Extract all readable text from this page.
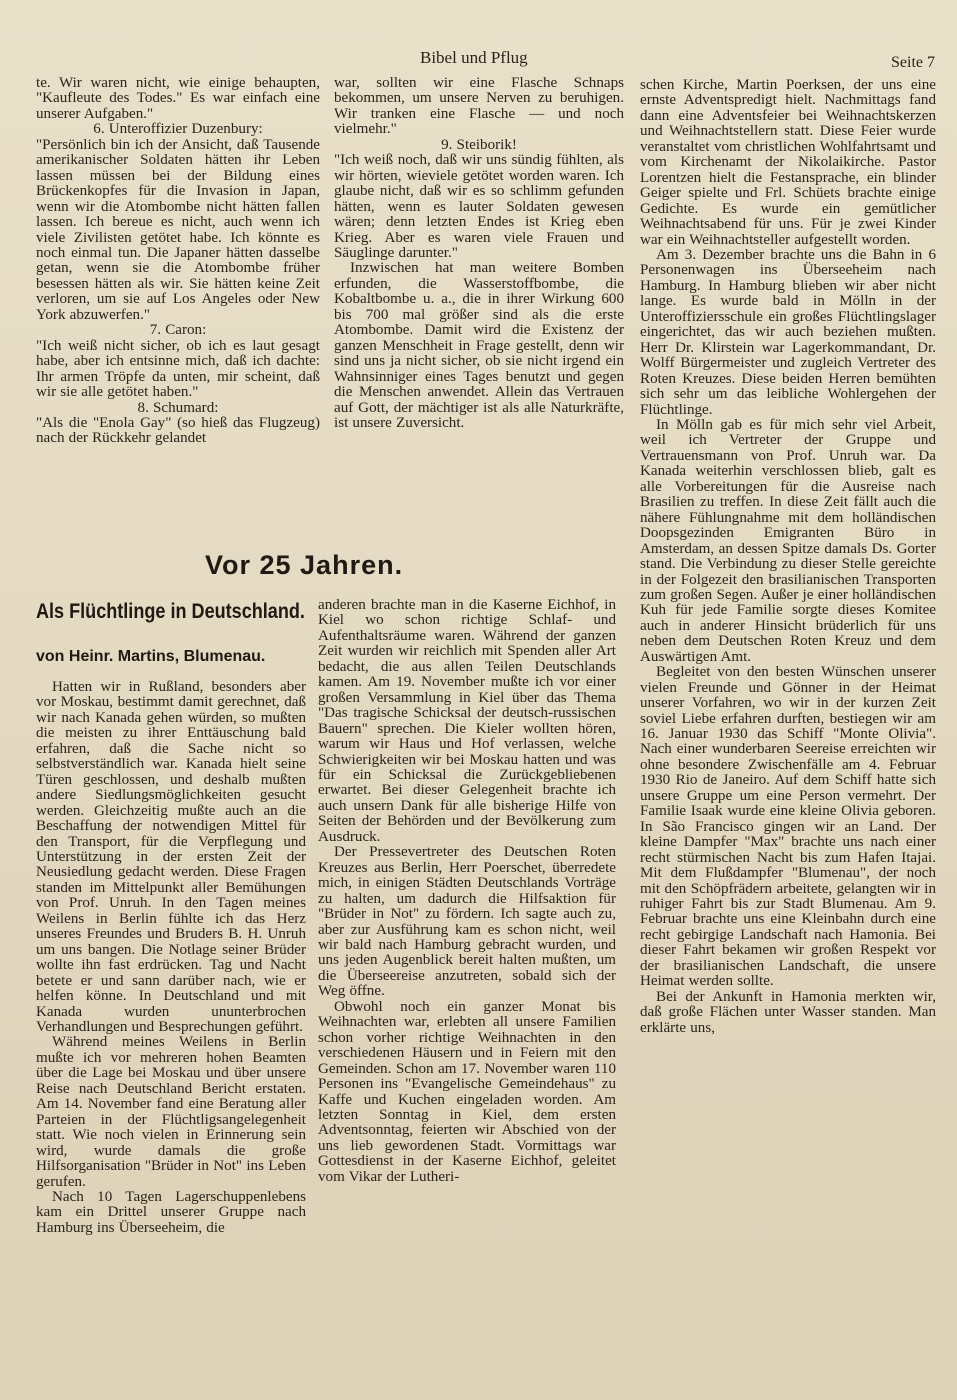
Bibel und Pflug	Seite 7

te. Wir waren nicht, wie einige behaupten, "Kaufleute des Todes." Es war einfach eine unserer Aufgaben."

6. Unteroffizier Duzenbury:

"Persönlich bin ich der Ansicht, daß Tausende amerikanischer Soldaten hätten ihr Leben lassen müssen bei der Bildung eines Brückenkopfes für die Invasion in Japan, wenn wir die Atombombe nicht hätten fallen lassen. Ich bereue es nicht, auch wenn ich viele Zivilisten getötet habe. Ich könnte es noch einmal tun. Die Japaner hätten dasselbe getan, wenn sie die Atombombe früher besessen hätten als wir. Sie hätten keine Zeit verloren, um sie auf Los Angeles oder New York abzuwerfen."

7. Caron:

"Ich weiß nicht sicher, ob ich es laut gesagt habe, aber ich entsinne mich, daß ich dachte: Ihr armen Tröpfe da unten, mir scheint, daß wir sie alle getötet haben."

8. Schumard:

"Als die "Enola Gay" (so hieß das Flugzeug) nach der Rückkehr gelandet

war, sollten wir eine Flasche Schnaps bekommen, um unsere Nerven zu beruhigen. Wir tranken eine Flasche — und noch vielmehr."

9. Steiborik!

"Ich weiß noch, daß wir uns sündig fühlten, als wir hörten, wieviele getötet worden waren. Ich glaube nicht, daß wir es so schlimm gefunden hätten, wenn es lauter Soldaten gewesen wären; denn letzten Endes ist Krieg eben Krieg. Aber es waren viele Frauen und Säuglinge darunter."

Inzwischen hat man weitere Bomben erfunden, die Wasserstoffbombe, die Kobaltbombe u. a., die in ihrer Wirkung 600 bis 700 mal größer sind als die erste Atombombe. Damit wird die Existenz der ganzen Menschheit in Frage gestellt, denn wir sind uns ja nicht sicher, ob sie nicht irgend ein Wahnsinniger eines Tages benutzt und gegen die Menschen anwendet. Allein das Vertrauen auf Gott, der mächtiger ist als alle Naturkräfte, ist unsere Zuversicht.

schen Kirche, Martin Poerksen, der uns eine ernste Adventspredigt hielt. Nachmittags fand dann eine Adventsfeier bei Weihnachtskerzen und Weihnachtstellern statt. Diese Feier wurde veranstaltet vom christlichen Wohlfahrtsamt und vom Kirchenamt der Nikolaikirche. Pastor Lorentzen hielt die Festansprache, ein blinder Geiger spielte und Frl. Schüets brachte einige Gedichte. Es wurde ein gemütlicher Weihnachtsabend für uns. Für je zwei Kinder war ein Weihnachtsteller aufgestellt worden.

Am 3. Dezember brachte uns die Bahn in 6 Personenwagen ins Überseeheim nach Hamburg. In Hamburg blieben wir aber nicht lange. Es wurde bald in Mölln in der Unteroffiziersschule ein großes Flüchtlingslager eingerichtet, das wir auch beziehen mußten. Herr Dr. Klirstein war Lagerkommandant, Dr. Wolff Bürgermeister und zugleich Vertreter des Roten Kreuzes. Diese beiden Herren bemühten sich sehr um das leibliche Wohlergehen der Flüchtlinge.

In Mölln gab es für mich sehr viel Arbeit, weil ich Vertreter der Gruppe und Vertrauensmann von Prof. Unruh war. Da Kanada weiterhin verschlossen blieb, galt es alle Vorbereitungen für die Ausreise nach Brasilien zu treffen. In diese Zeit fällt auch die nähere Fühlungnahme mit dem holländischen Doopsgezinden Emigranten Büro in Amsterdam, an dessen Spitze damals Ds. Gorter stand. Die Verbindung zu dieser Stelle gereichte in der Folgezeit den brasilianischen Transporten zum großen Segen. Außer je einer holländischen Kuh für jede Familie sorgte dieses Komitee auch in anderer Hinsicht brüderlich für uns neben dem Deutschen Roten Kreuz und dem Auswärtigen Amt.

Begleitet von den besten Wünschen unserer vielen Freunde und Gönner in der Heimat unserer Vorfahren, wo wir in der kurzen Zeit soviel Liebe erfahren durften, bestiegen wir am 16. Januar 1930 das Schiff "Monte Olivia". Nach einer wunderbaren Seereise erreichten wir ohne besondere Zwischenfälle am 4. Februar 1930 Rio de Janeiro. Auf dem Schiff hatte sich unsere Gruppe um eine Person vermehrt. Der Familie Isaak wurde eine kleine Olivia geboren. In São Francisco gingen wir an Land. Der kleine Dampfer "Max" brachte uns nach einer recht stürmischen Nacht bis zum Hafen Itajai. Mit dem Flußdampfer "Blumenau", der noch mit den Schöpfrädern arbeitete, gelangten wir in ruhiger Fahrt bis zur Stadt Blumenau. Am 9. Februar brachte uns eine Kleinbahn durch eine recht gebirgige Landschaft nach Hamonia. Bei dieser Fahrt bekamen wir großen Respekt vor der brasilianischen Landschaft, die unsere Heimat werden sollte.

Bei der Ankunft in Hamonia merkten wir, daß große Flächen unter Wasser standen. Man erklärte uns,

Vor 25 Jahren.
Als Flüchtlinge in Deutschland.
von Heinr. Martins, Blumenau.

Hatten wir in Rußland, besonders aber vor Moskau, bestimmt damit gerechnet, daß wir nach Kanada gehen würden, so mußten die meisten zu ihrer Enttäuschung bald erfahren, daß die Sache nicht so selbstverständlich war. Kanada hielt seine Türen geschlossen, und deshalb mußten andere Siedlungsmöglichkeiten gesucht werden. Gleichzeitig mußte auch an die Beschaffung der notwendigen Mittel für den Transport, für die Verpflegung und Unterstützung in der ersten Zeit der Neusiedlung gedacht werden. Diese Fragen standen im Mittelpunkt aller Bemühungen von Prof. Unruh. In den Tagen meines Weilens in Berlin fühlte ich das Herz unseres Freundes und Bruders B. H. Unruh um uns bangen. Die Notlage seiner Brüder wollte ihn fast erdrücken. Tag und Nacht betete er und sann darüber nach, wie er helfen könne. In Deutschland und mit Kanada wurden ununterbrochen Verhandlungen und Besprechungen geführt.

Während meines Weilens in Berlin mußte ich vor mehreren hohen Beamten über die Lage bei Moskau und über unsere Reise nach Deutschland Bericht erstaten. Am 14. November fand eine Beratung aller Parteien in der Flüchtligsangelegenheit statt. Wie noch vielen in Erinnerung sein wird, wurde damals die große Hilfsorganisation "Brüder in Not" ins Leben gerufen.

Nach 10 Tagen Lagerschuppenlebens kam ein Drittel unserer Gruppe nach Hamburg ins Überseeheim, die

anderen brachte man in die Kaserne Eichhof, in Kiel wo schon richtige Schlaf- und Aufenthaltsräume waren. Während der ganzen Zeit wurden wir reichlich mit Spenden aller Art bedacht, die aus allen Teilen Deutschlands kamen. Am 19. November mußte ich vor einer großen Versammlung in Kiel über das Thema "Das tragische Schicksal der deutsch-russischen Bauern" sprechen. Die Kieler wollten hören, warum wir Haus und Hof verlassen, welche Schwierigkeiten wir bei Moskau hatten und was für ein Schicksal die Zurückgebliebenen erwartet. Bei dieser Gelegenheit brachte ich auch unsern Dank für alle bisherige Hilfe von Seiten der Behörden und der Bevölkerung zum Ausdruck.

Der Pressevertreter des Deutschen Roten Kreuzes aus Berlin, Herr Poerschet, überredete mich, in einigen Städten Deutschlands Vorträge zu halten, um dadurch die Hilfsaktion für "Brüder in Not" zu fördern. Ich sagte auch zu, aber zur Ausführung kam es schon nicht, weil wir bald nach Hamburg gebracht wurden, und uns jeden Augenblick bereit halten mußten, um die Überseereise anzutreten, sobald sich der Weg öffne.

Obwohl noch ein ganzer Monat bis Weihnachten war, erlebten all unsere Familien schon vorher richtige Weihnachten in den verschiedenen Häusern und in Feiern mit den Gemeinden. Schon am 17. November waren 110 Personen ins "Evangelische Gemeindehaus" zu Kaffe und Kuchen eingeladen worden. Am letzten Sonntag in Kiel, dem ersten Adventsonntag, feierten wir Abschied von der uns lieb gewordenen Stadt. Vormittags war Gottesdienst in der Kaserne Eichhof, geleitet vom Vikar der Lutheri-
